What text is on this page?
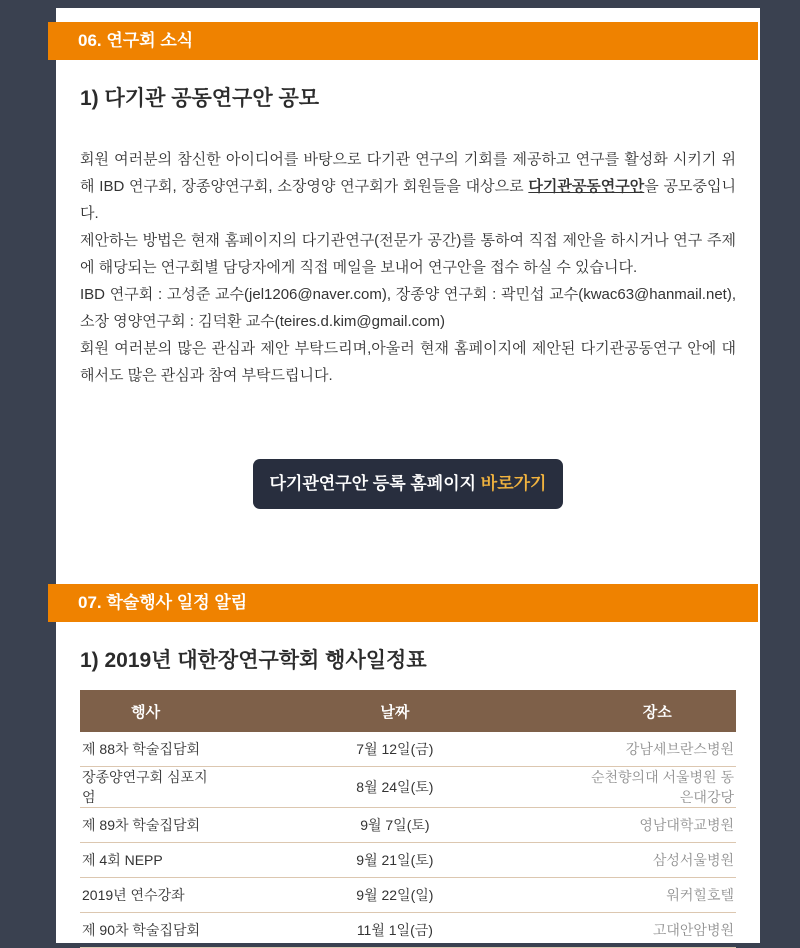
06. 연구회 소식
1) 다기관 공동연구안 공모

회원 여러분의 참신한 아이디어를 바탕으로 다기관 연구의 기회를 제공하고 연구를 활성화 시키기 위해 IBD 연구회, 장종양연구회, 소장영양 연구회가 회원들을 대상으로 다기관공동연구안을 공모중입니다.

제안하는 방법은 현재 홈페이지의 다기관연구(전문가 공간)를 통하여 직접 제안을 하시거나 연구 주제에 해당되는 연구회별 담당자에게 직접 메일을 보내어 연구안을 접수 하실 수 있습니다.

IBD 연구회 : 고성준 교수(jel1206@naver.com), 장종양 연구회 : 곽민섭 교수(kwac63@hanmail.net), 소장 영양연구회 : 김덕환 교수(teires.d.kim@gmail.com)

회원 여러분의 많은 관심과 제안 부탁드리며,아울러 현재 홈페이지에 제안된 다기관공동연구 안에 대해서도 많은 관심과 참여 부탁드립니다.

다기관연구안 등록 홈페이지 바로가기
07. 학술행사 일정 알림
1) 2019년 대한장연구학회 행사일정표
행사	날짜	장소
제 88차 학술집담회	7월 12일(금)	강남세브란스병원
장종양연구회 심포지엄	8월 24일(토)	순천향의대 서울병원 동은대강당
제 89차 학술집담회	9월 7일(토)	영남대학교병원
제 4회 NEPP	9월 21일(토)	삼성서울병원
2019년 연수강좌	9월 22일(일)	워커힐호텔
제 90차 학술집담회	11월 1일(금)	고대안암병원
